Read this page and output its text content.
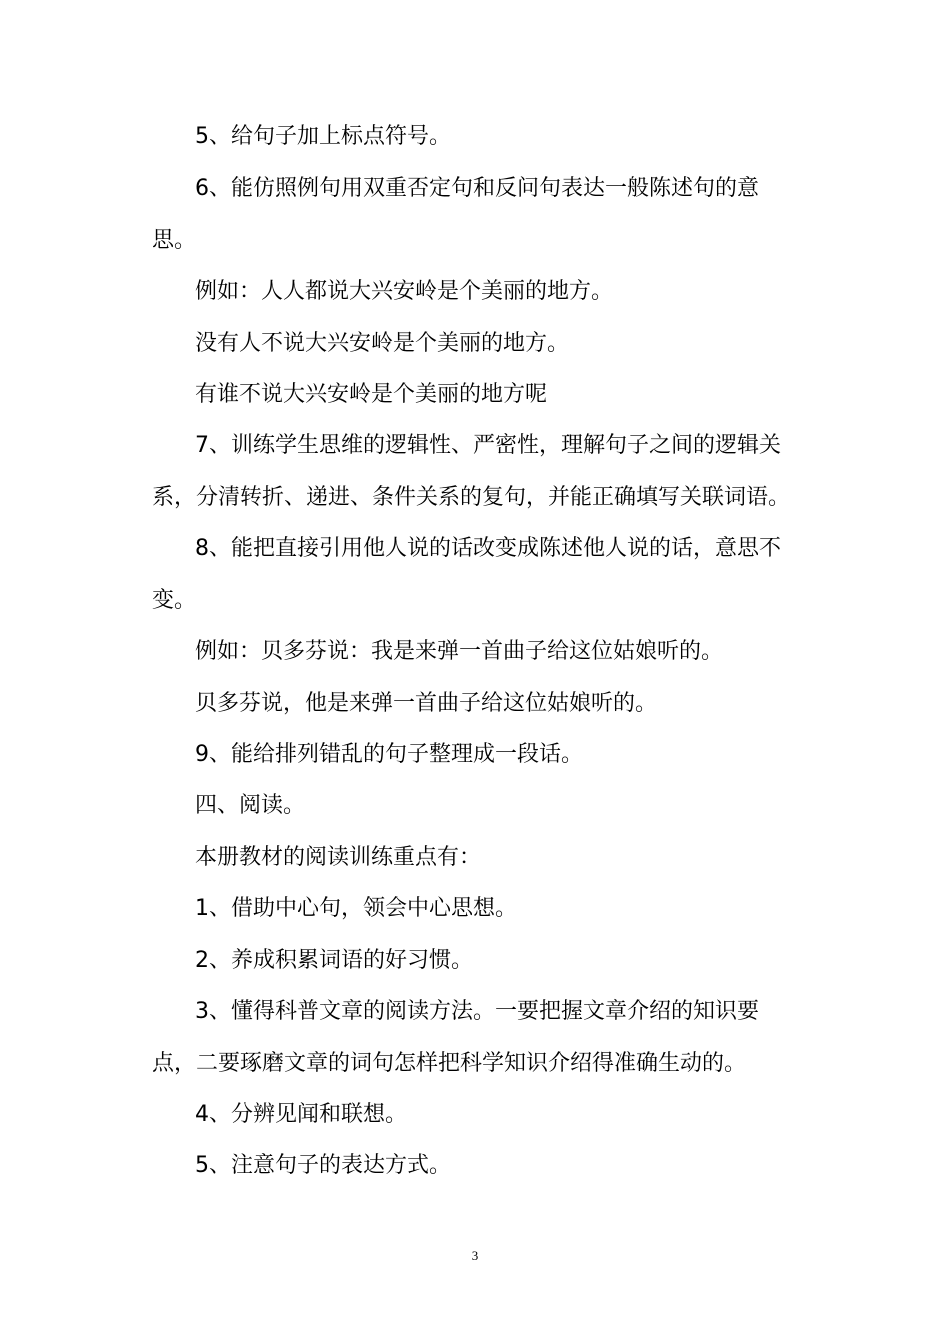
5、给句子加上标点符号。
6、能仿照例句用双重否定句和反问句表达一般陈述句的意
思。
例如：人人都说大兴安岭是个美丽的地方。
没有人不说大兴安岭是个美丽的地方。
有谁不说大兴安岭是个美丽的地方呢
7、训练学生思维的逻辑性、严密性，理解句子之间的逻辑关
系，分清转折、递进、条件关系的复句，并能正确填写关联词语。
8、能把直接引用他人说的话改变成陈述他人说的话，意思不
变。
例如：贝多芬说：我是来弹一首曲子给这位姑娘听的。
贝多芬说，他是来弹一首曲子给这位姑娘听的。
9、能给排列错乱的句子整理成一段话。
四、阅读。
本册教材的阅读训练重点有：
1、借助中心句，领会中心思想。
2、养成积累词语的好习惯。
3、懂得科普文章的阅读方法。一要把握文章介绍的知识要
点，二要琢磨文章的词句怎样把科学知识介绍得准确生动的。
4、分辨见闻和联想。
5、注意句子的表达方式。
3
